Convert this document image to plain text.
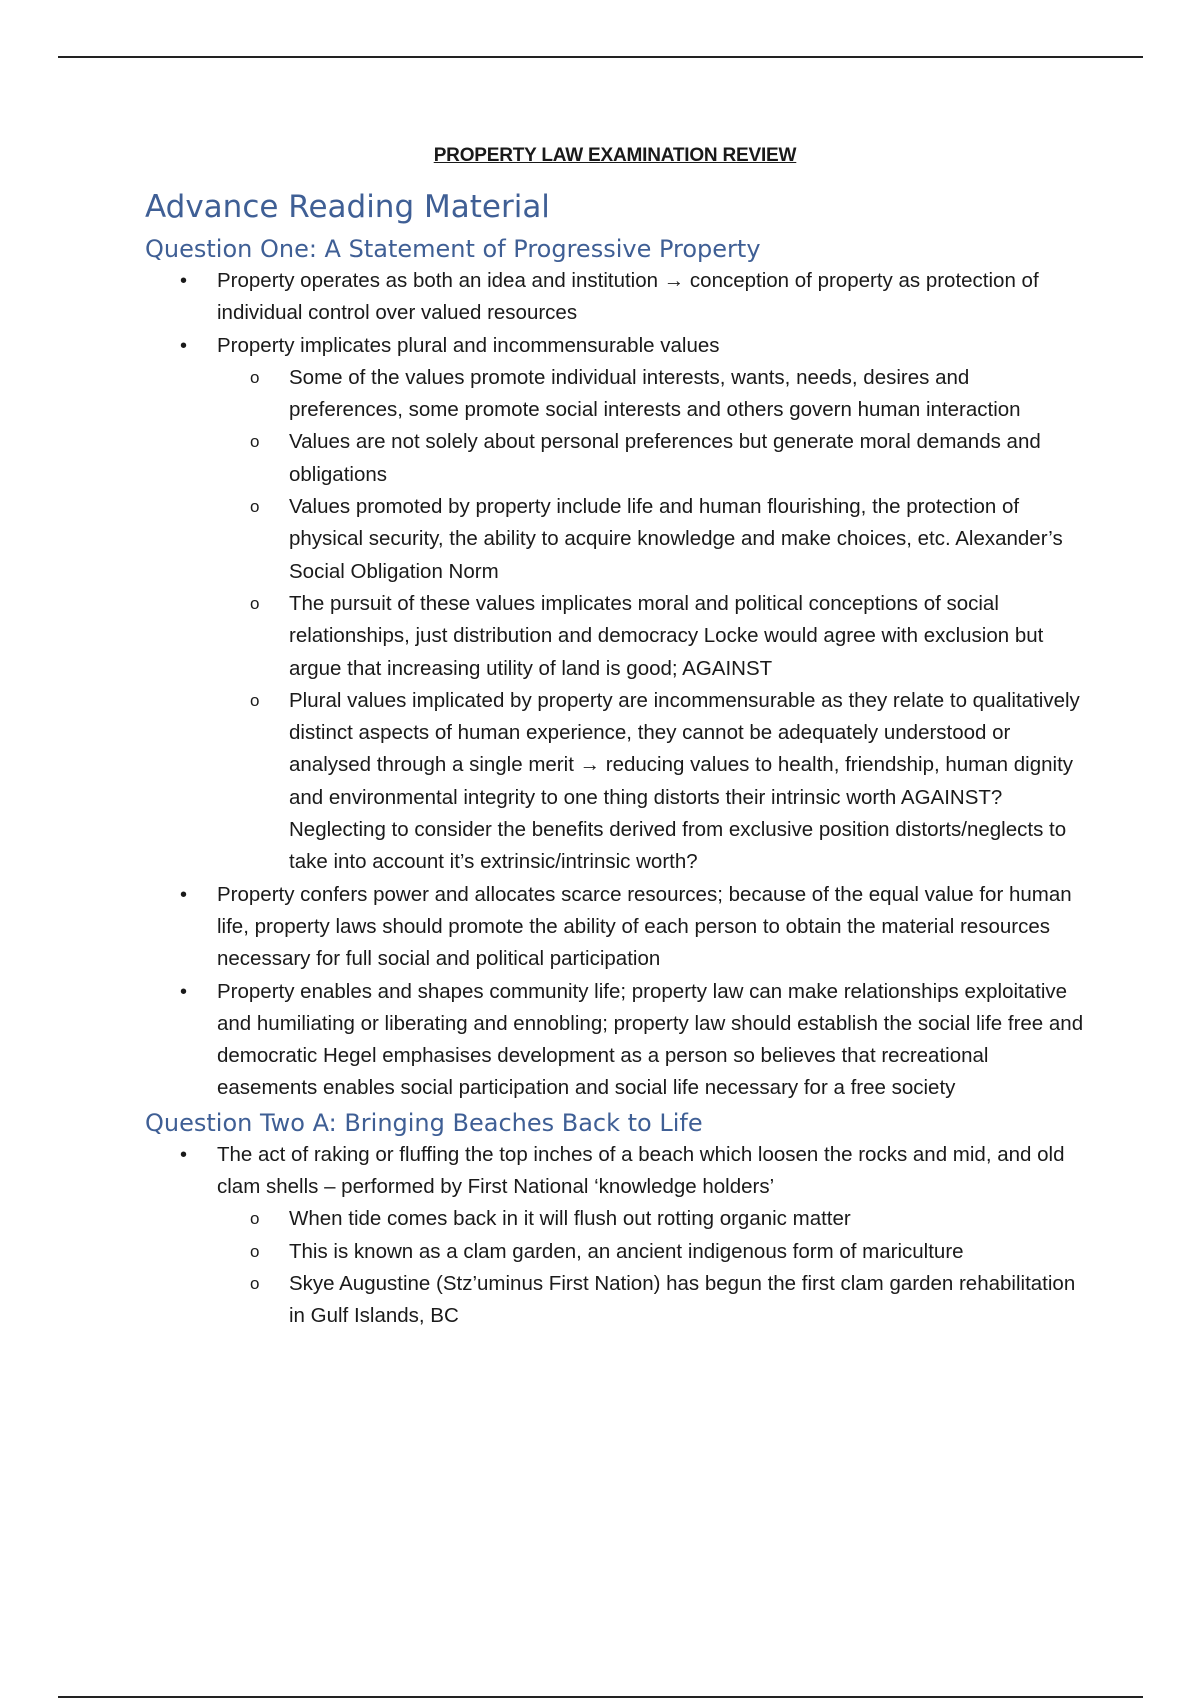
PROPERTY LAW EXAMINATION REVIEW
Advance Reading Material
Question One: A Statement of Progressive Property
• Property operates as both an idea and institution → conception of property as protection of individual control over valued resources
• Property implicates plural and incommensurable values
o Some of the values promote individual interests, wants, needs, desires and preferences, some promote social interests and others govern human interaction
o Values are not solely about personal preferences but generate moral demands and obligations
o Values promoted by property include life and human flourishing, the protection of physical security, the ability to acquire knowledge and make choices, etc. Alexander’s Social Obligation Norm
o The pursuit of these values implicates moral and political conceptions of social relationships, just distribution and democracy Locke would agree with exclusion but argue that increasing utility of land is good; AGAINST
o Plural values implicated by property are incommensurable as they relate to qualitatively distinct aspects of human experience, they cannot be adequately understood or analysed through a single merit → reducing values to health, friendship, human dignity and environmental integrity to one thing distorts their intrinsic worth AGAINST? Neglecting to consider the benefits derived from exclusive position distorts/neglects to take into account it’s extrinsic/intrinsic worth?
• Property confers power and allocates scarce resources; because of the equal value for human life, property laws should promote the ability of each person to obtain the material resources necessary for full social and political participation
• Property enables and shapes community life; property law can make relationships exploitative and humiliating or liberating and ennobling; property law should establish the social life free and democratic Hegel emphasises development as a person so believes that recreational easements enables social participation and social life necessary for a free society
Question Two A: Bringing Beaches Back to Life
• The act of raking or fluffing the top inches of a beach which loosen the rocks and mid, and old clam shells – performed by First National ‘knowledge holders’
o When tide comes back in it will flush out rotting organic matter
o This is known as a clam garden, an ancient indigenous form of mariculture
o Skye Augustine (Stz’uminus First Nation) has begun the first clam garden rehabilitation in Gulf Islands, BC
